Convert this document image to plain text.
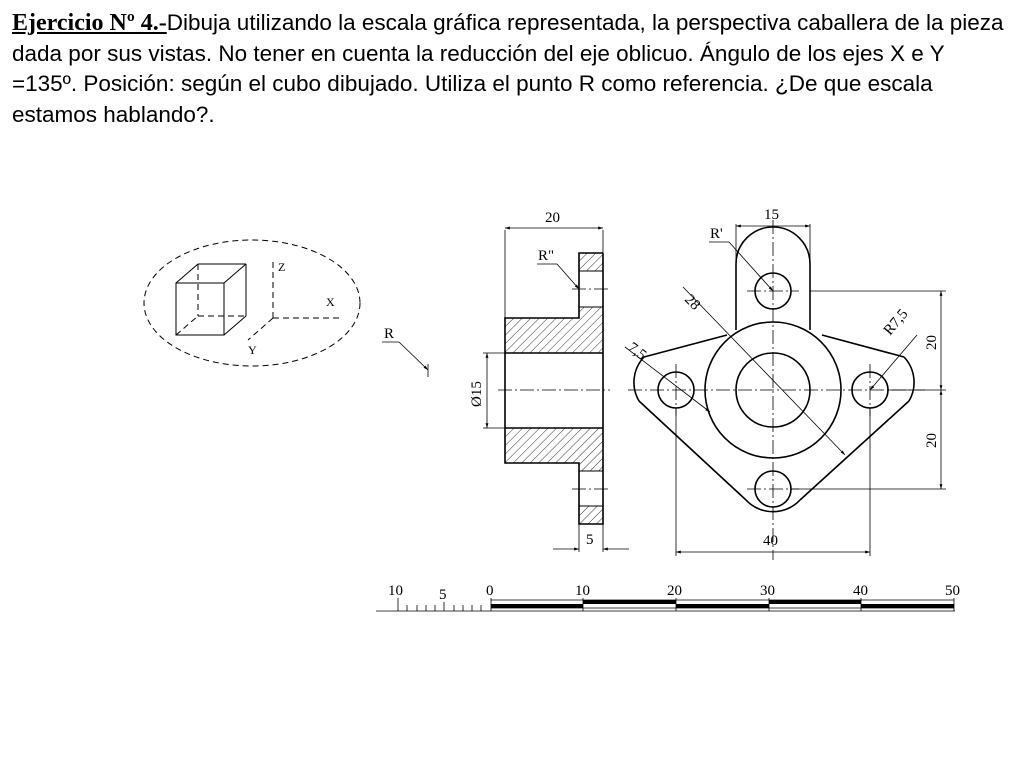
Ejercicio Nº 4.-Dibuja utilizando la escala gráfica representada, la perspectiva caballera de la pieza dada por sus vistas. No tener en cuenta la reducción del eje oblicuo. Ángulo de los ejes X e Y =135º. Posición: según el cubo dibujado. Utiliza el punto R como referencia. ¿De que escala estamos hablando?.
Z
X
Y
R
20
5
Ø15
R"
15
R'
28
R7,5
7,5	20
20
40
10 5	0	10	20	30	40	50
